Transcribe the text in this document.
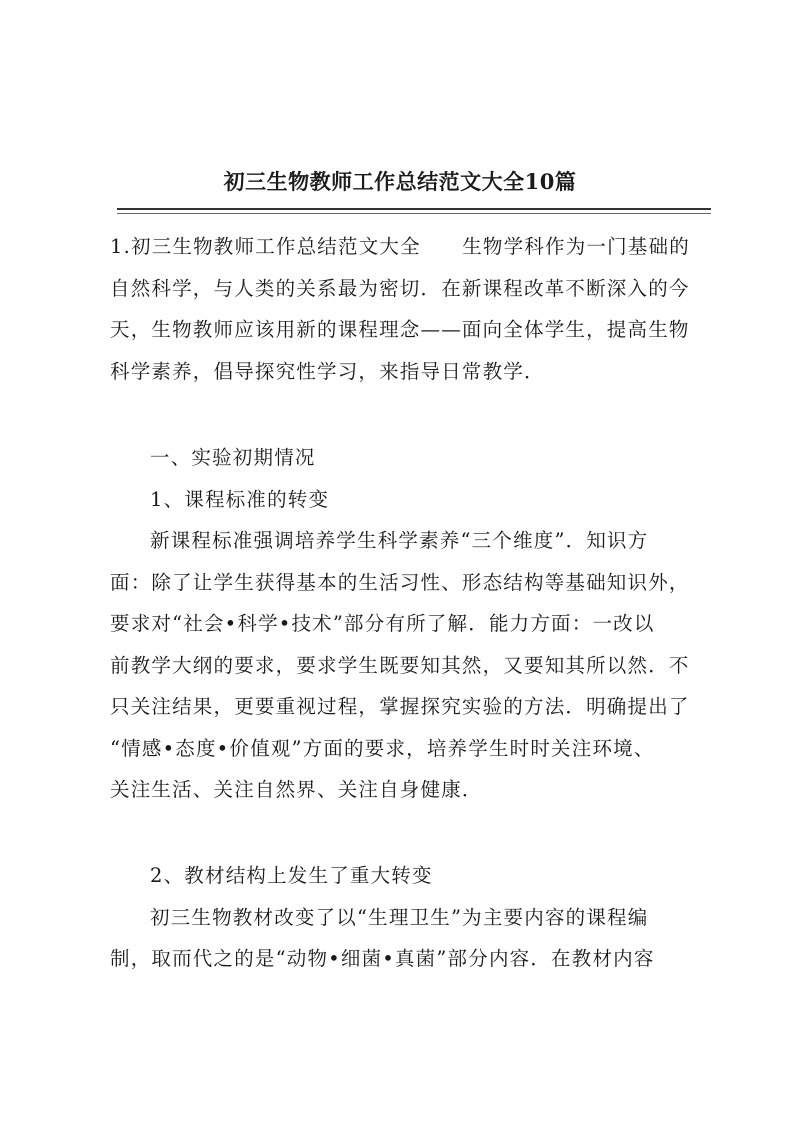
初三生物教师工作总结范文大全10篇
1.初三生物教师工作总结范文大全　　生物学科作为一门基础的
自然科学，与人类的关系最为密切．在新课程改革不断深入的今
天，生物教师应该用新的课程理念——面向全体学生，提高生物
科学素养，倡导探究性学习，来指导日常教学．
一、实验初期情况
1、课程标准的转变
新课程标准强调培养学生科学素养“三个维度”．知识方
面：除了让学生获得基本的生活习性、形态结构等基础知识外，
要求对“社会•科学•技术”部分有所了解．能力方面：一改以
前教学大纲的要求，要求学生既要知其然，又要知其所以然．不
只关注结果，更要重视过程，掌握探究实验的方法．明确提出了
“情感•态度•价值观”方面的要求，培养学生时时关注环境、
关注生活、关注自然界、关注自身健康．
2、教材结构上发生了重大转变
初三生物教材改变了以“生理卫生”为主要内容的课程编
制，取而代之的是“动物•细菌•真菌”部分内容．在教材内容
